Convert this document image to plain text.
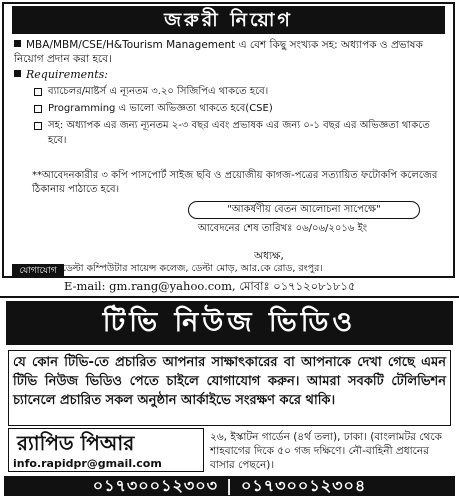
জরুরী নিয়োগ
MBA/MBM/CSE/H&Tourism Management এ বেশ কিছু সংখ্যক সহ: অধ্যাপক ও প্রভাষক নিয়োগ প্রদান করা হবে।
Requirements:
ব্যাচেলর/মাষ্টর্স এ ন্যূনতম ৩.২০ সিজিপিএ থাকতে হবে।
Programming এ ভালো অভিজ্ঞতা থাকতে হবে(CSE)
সহ: অধ্যাপক এর জন্য ন্যূনতম ২-৩ বছর এবং প্রভাষক এর জন্য ০-১ বছর এর অভিজ্ঞতা থাকতে হবে।
**আবেদনকারীর ৩ কপি পাসপোর্ট সাইজ ছবি ও প্রয়োজীয় কাগজ-পত্রের সত্যায়িত ফটোকপি কলেজের ঠিকানায় পাঠাতে হবে।
"আকর্ষণীয় বেতন আলোচনা সাপেক্ষে"
আবেদনের শেষ তারিখঃ ০৬/০৬/২০১৬ ইং
অধ্যক্ষ,
যোগাযোগ ডেল্টা কম্পিউটার সায়েন্স কলেজ, ডেল্টা মোড়, আর.কে রোড, রংপুর।
E-mail: gm.rang@yahoo.com, মোবাঃ ০১৭১২০৮১৮১৫
টিভি নিউজ ভিডিও
যে কোন টিভি-তে প্রচারিত আপনার সাক্ষাৎকারের বা আপনাকে দেখা গেছে এমন টিভি নিউজ ভিডিও পেতে চাইলে যোগাযোগ করুন। আমরা সবকটি টেলিভিশন চ্যানেলে প্রচারিত সকল অনুষ্ঠান আর্কাইভে সংরক্ষণ করে থাকি।
র‍্যাপিড পিআর
info.rapidpr@gmail.com
২৬, ইস্কাটন গার্ডেন (৪র্থ তলা), ঢাকা। (বাংলামটর থেকে শাহবাগের দিকে ৫০ গজ দক্ষিণে। নৌ-বাহিনী প্রধানের বাসার পেছনে)।
০১৭৩০০১২৩০৩ | ০১৭৩০০১২৩০৪
